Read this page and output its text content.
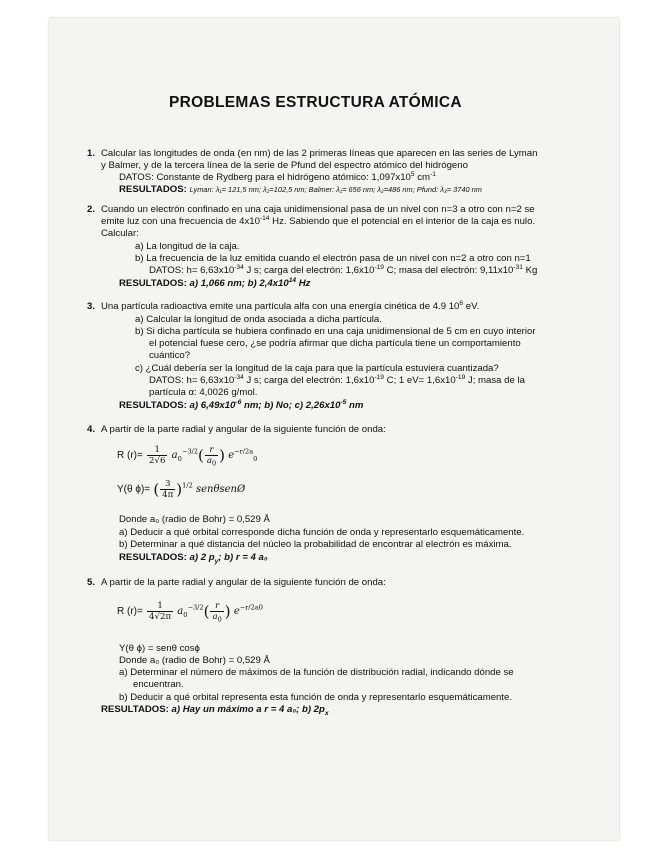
PROBLEMAS ESTRUCTURA ATÓMICA
1. Calcular las longitudes de onda (en nm) de las 2 primeras líneas que aparecen en las series de Lyman
y Balmer, y de la tercera línea de la serie de Pfund del espectro atómico del hidrógeno
DATOS: Constante de Rydberg para el hidrógeno atómico: $1,097x10^5$ $cm^{-1}$
RESULTADOS: Lyman: λ₁= 121,5 nm; λ₂=102,5 nm; Balmer: λ₁= 656 nm; λ₂=486 nm; Pfund: λ₃= 3740 nm
2. Cuando un electrón confinado en una caja unidimensional pasa de un nivel con n=3 a otro con n=2 se
emite luz con una frecuencia de $4x10^{-14}$ Hz. Sabiendo que el potencial en el interior de la caja es nulo.
Calcular:
a) La longitud de la caja.
b) La frecuencia de la luz emitida cuando el electrón pasa de un nivel con n=2 a otro con n=1
DATOS: $h= 6,63x10^{-34}$ J s; carga del electrón: $1,6x10^{-19}$ C; masa del electrón: $9,11x10^{-31}$ Kg
RESULTADOS: a) 1,066 nm; b) $2,4x10^{14}$ Hz
3. Una partícula radioactiva emite una partícula alfa con una energía cinética de 4.9 $10^6$ eV.
a) Calcular la longitud de onda asociada a dicha partícula.
b) Si dicha partícula se hubiera confinado en una caja unidimensional de 5 cm en cuyo interior
el potencial fuese cero, ¿se podría afirmar que dicha partícula tiene un comportamiento
cuántico?
c) ¿Cuál debería ser la longitud de la caja para que la partícula estuviera cuantizada?
DATOS: $h= 6,63x10^{-34}$ J s; carga del electrón: $1,6x10^{-19}$ C; 1 $eV= 1,6x10^{-19}$ J; masa de la
partícula α: 4,0026 g/mol.
RESULTADOS: a) $6,49x10^{-6}$ nm; b) No; c) $2,26x10^{-5}$ nm
4. A partir de la parte radial y angular de la siguiente función de onda:
R $(r)= \frac{1}{2√6} a_0^{-3/2}( \frac{r}{a_0}$ ) $e^{-r/2a}_0$
Y(θ ϕ)= ( $\frac{3}{4\pi} )^{1/2}$ senθsenØ
Donde a₀ (radio de Bohr) = 0,529 Å
a) Deducir a qué orbital corresponde dicha función de onda y representarlo esquemáticamente.
b) Determinar a qué distancia del núcleo la probabilidad de encontrar al electrón es máxima.
RESULTADOS: a) 2 $p_y$; b) r = 4 a₀
5. A partir de la parte radial y angular de la siguiente función de onda:
R $(r)= \frac{1}{4√2\pi} a_0^{-3/2}( \frac{r}{a_0}$ ) $e^{-r/2a0}$
Y(θ ϕ) = senθ cosϕ
Donde a₀ (radio de Bohr) = 0,529 Å
a) Determinar el número de máximos de la función de distribución radial, indicando dónde se
encuentran.
b) Deducir a qué orbital representa esta función de onda y representarlo esquemáticamente.
RESULTADOS: a) Hay un máximo a r = 4 a₀; b) $2p_x$
